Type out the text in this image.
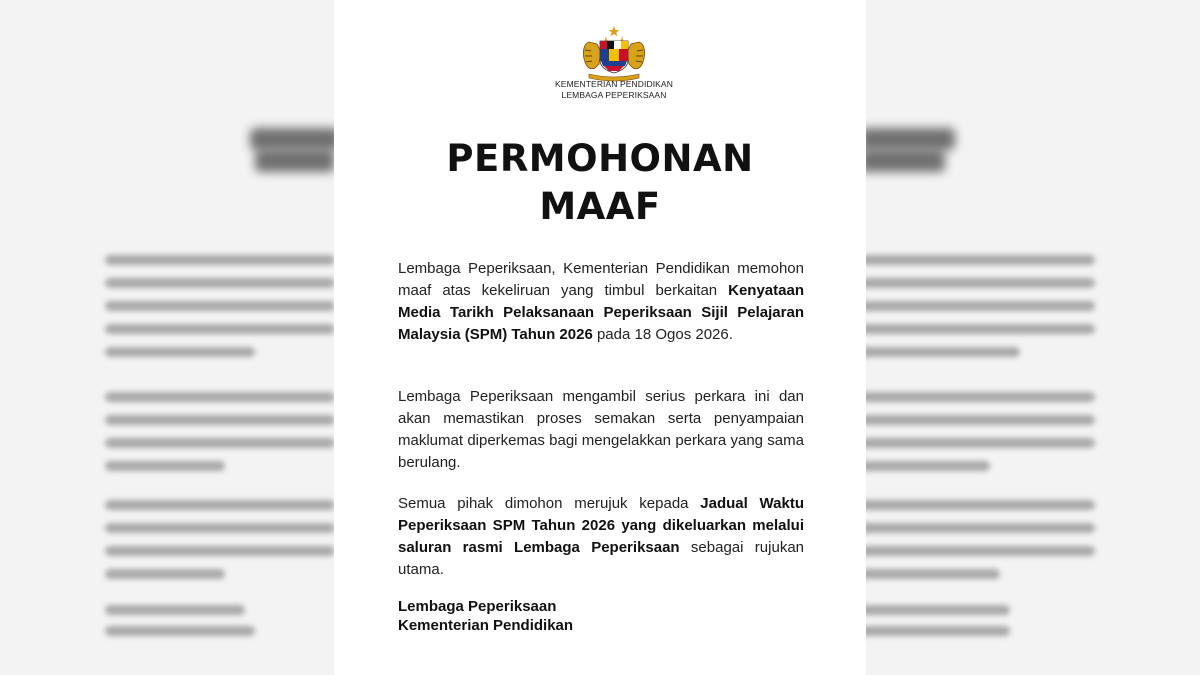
KEMENTERIAN PENDIDIKAN
LEMBAGA PEPERIKSAAN
PERMOHONAN
MAAF

Lembaga Peperiksaan, Kementerian Pendidikan memohon maaf atas kekeliruan yang timbul berkaitan Kenyataan Media Tarikh Pelaksanaan Peperiksaan Sijil Pelajaran Malaysia (SPM) Tahun 2026 pada 18 Ogos 2026.

Lembaga Peperiksaan mengambil serius perkara ini dan akan memastikan proses semakan serta penyampaian maklumat diperkemas bagi mengelakkan perkara yang sama berulang.

Semua pihak dimohon merujuk kepada Jadual Waktu Peperiksaan SPM Tahun 2026 yang dikeluarkan melalui saluran rasmi Lembaga Peperiksaan sebagai rujukan utama.

Lembaga Peperiksaan
Kementerian Pendidikan
